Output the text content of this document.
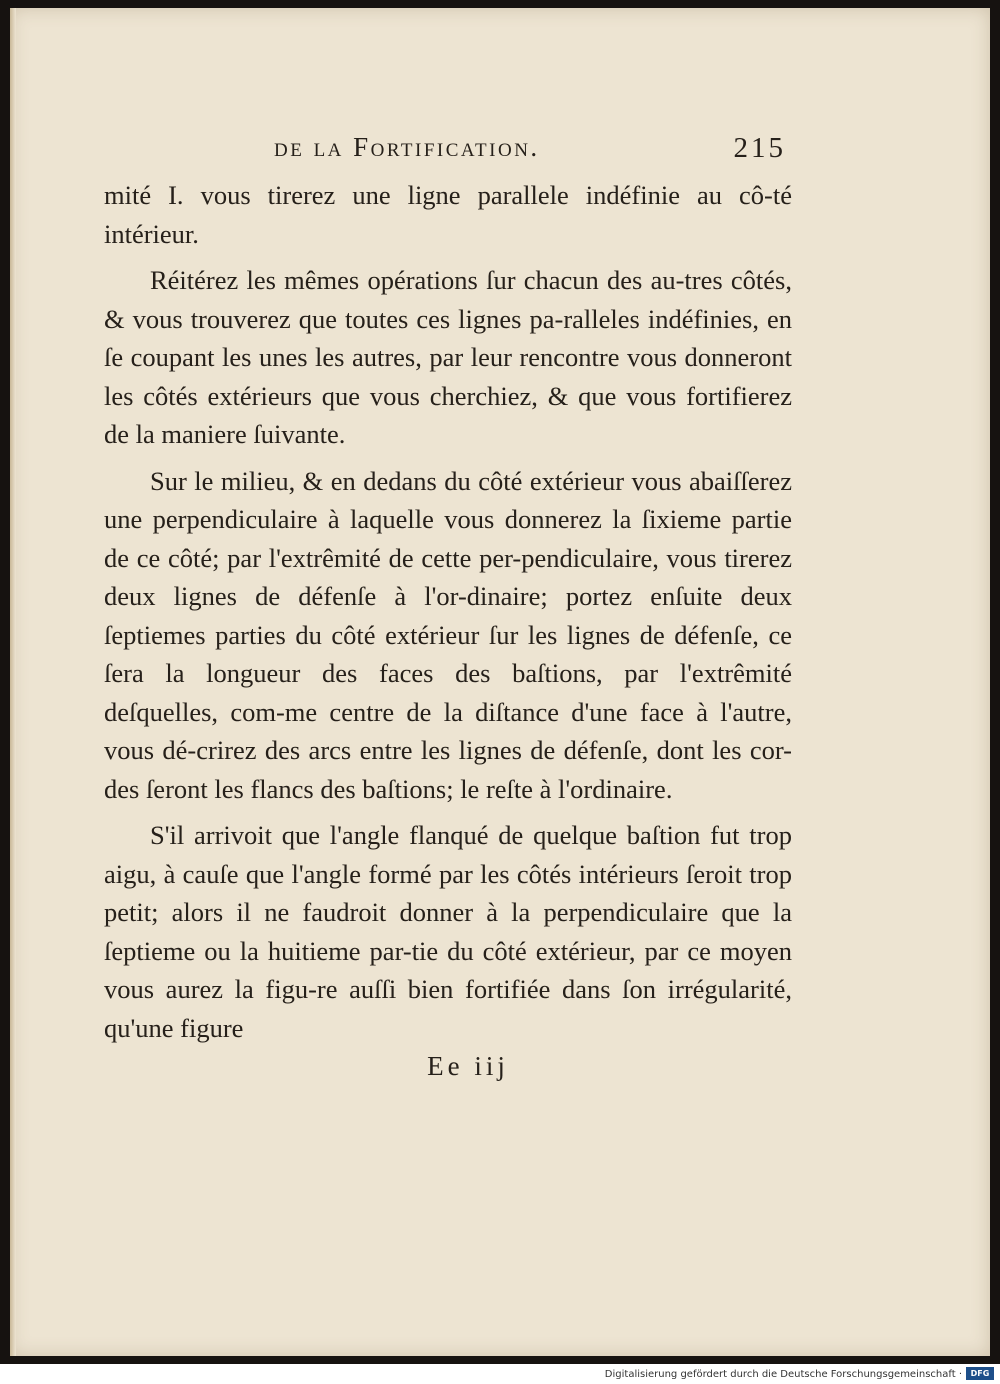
de la Fortification.	215

mité I. vous tirerez une ligne parallele indéfinie au cô-té intérieur.

Réitérez les mêmes opérations ſur chacun des au-tres côtés, & vous trouverez que toutes ces lignes pa-ralleles indéfinies, en ſe coupant les unes les autres, par leur rencontre vous donneront les côtés extérieurs que vous cherchiez, & que vous fortifierez de la maniere ſuivante.

Sur le milieu, & en dedans du côté extérieur vous abaiſſerez une perpendiculaire à laquelle vous donnerez la ſixieme partie de ce côté; par l'extrêmité de cette per-pendiculaire, vous tirerez deux lignes de défenſe à l'or-dinaire; portez enſuite deux ſeptiemes parties du côté extérieur ſur les lignes de défenſe, ce ſera la longueur des faces des baſtions, par l'extrêmité deſquelles, com-me centre de la diſtance d'une face à l'autre, vous dé-crirez des arcs entre les lignes de défenſe, dont les cor-des ſeront les flancs des baſtions; le reſte à l'ordinaire.

S'il arrivoit que l'angle flanqué de quelque baſtion fut trop aigu, à cauſe que l'angle formé par les côtés intérieurs ſeroit trop petit; alors il ne faudroit donner à la perpendiculaire que la ſeptieme ou la huitieme par-tie du côté extérieur, par ce moyen vous aurez la figu-re auſſi bien fortifiée dans ſon irrégularité, qu'une figure

Ee iij
Digitalisierung gefördert durch die Deutsche Forschungsgemeinschaft ·	DFG
